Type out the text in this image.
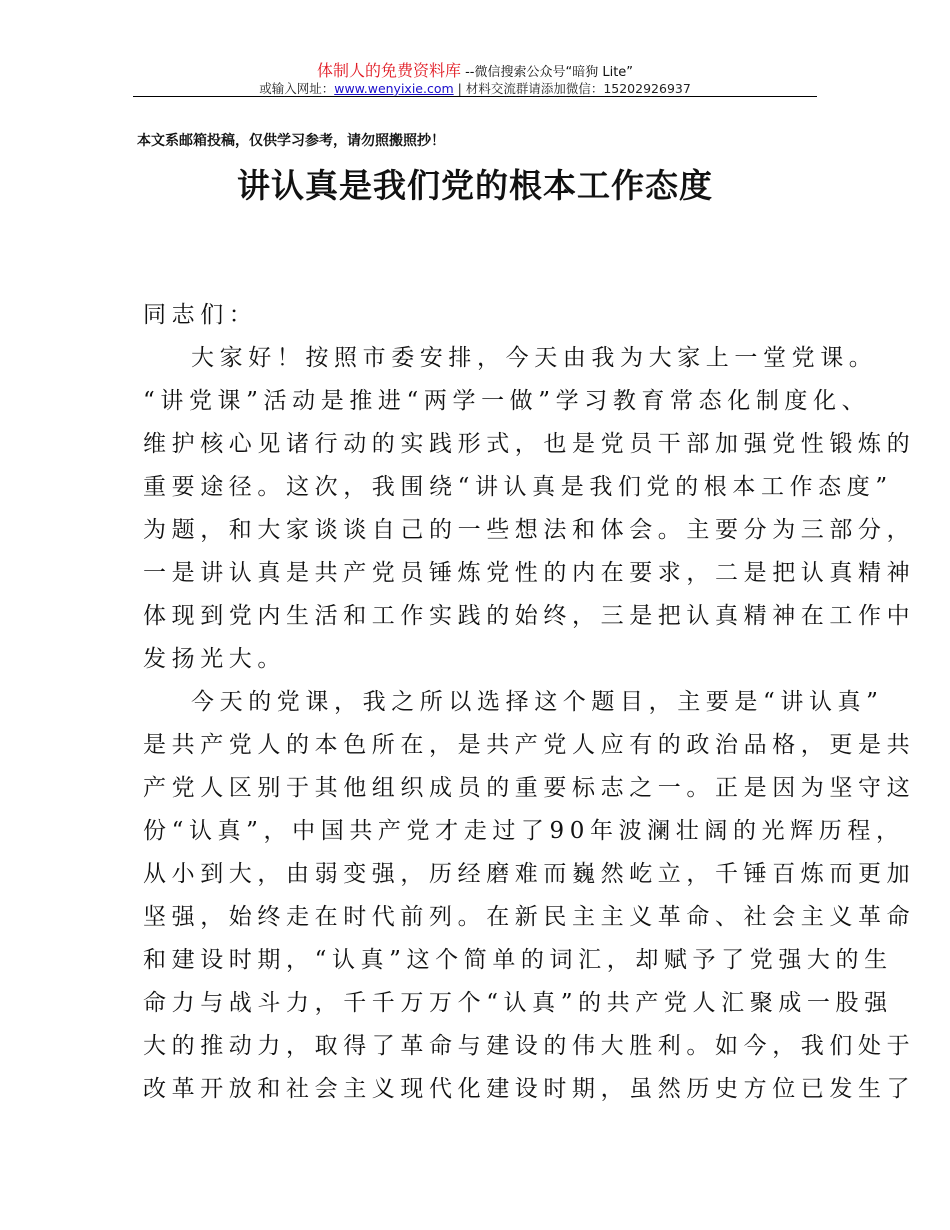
体制人的免费资料库 --微信搜索公众号“暗狗 Lite”
或输入网址：www.wenyixie.com | 材料交流群请添加微信：15202926937
本文系邮箱投稿，仅供学习参考，请勿照搬照抄！
讲认真是我们党的根本工作态度
同志们：
大家好！按照市委安排，今天由我为大家上一堂党课。
“讲党课”活动是推进“两学一做”学习教育常态化制度化、
维护核心见诸行动的实践形式，也是党员干部加强党性锻炼的
重要途径。这次，我围绕“讲认真是我们党的根本工作态度”
为题，和大家谈谈自己的一些想法和体会。主要分为三部分，
一是讲认真是共产党员锤炼党性的内在要求，二是把认真精神
体现到党内生活和工作实践的始终，三是把认真精神在工作中
发扬光大。
今天的党课，我之所以选择这个题目，主要是“讲认真”
是共产党人的本色所在，是共产党人应有的政治品格，更是共
产党人区别于其他组织成员的重要标志之一。正是因为坚守这
份“认真”，中国共产党才走过了90年波澜壮阔的光辉历程，
从小到大，由弱变强，历经磨难而巍然屹立，千锤百炼而更加
坚强，始终走在时代前列。在新民主主义革命、社会主义革命
和建设时期，“认真”这个简单的词汇，却赋予了党强大的生
命力与战斗力，千千万万个“认真”的共产党人汇聚成一股强
大的推动力，取得了革命与建设的伟大胜利。如今，我们处于
改革开放和社会主义现代化建设时期，虽然历史方位已发生了
